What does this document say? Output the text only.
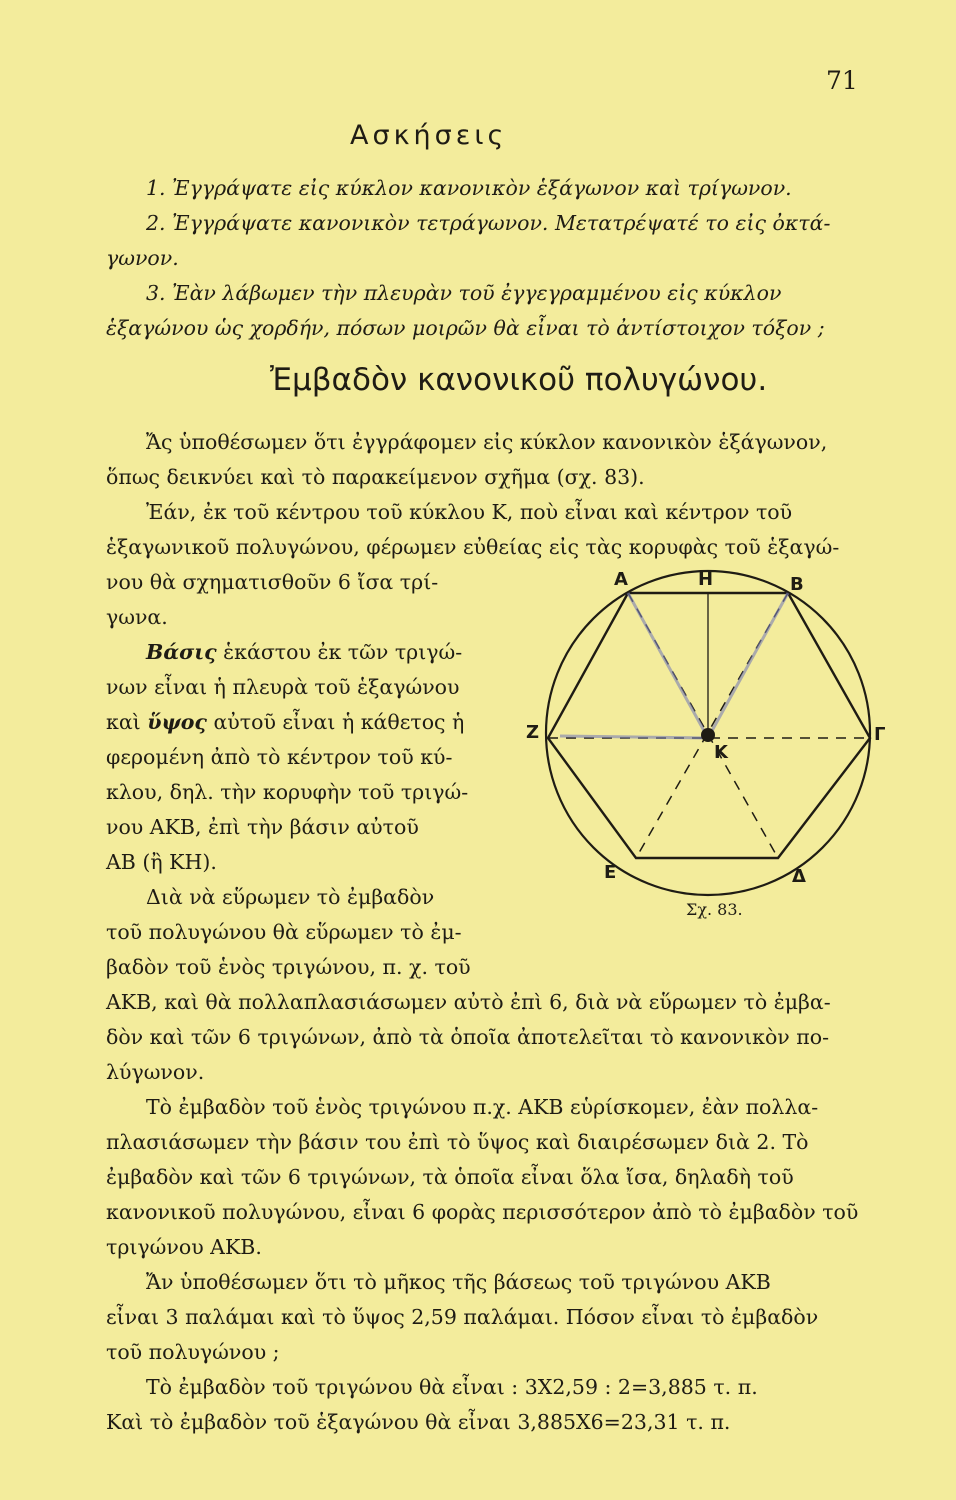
71
Ασκήσεις
1. Ἐγγράψατε εἰς κύκλον κανονικὸν ἑξάγωνον καὶ τρίγωνον.
2. Ἐγγράψατε κανονικὸν τετράγωνον. Μετατρέψατέ το εἰς ὀκτά-
γωνον.
3. Ἐὰν λάβωμεν τὴν πλευρὰν τοῦ ἐγγεγραμμένου εἰς κύκλον
ἑξαγώνου ὡς χορδήν, πόσων μοιρῶν θὰ εἶναι τὸ ἀντίστοιχον τόξον ;
Ἐμβαδὸν κανονικοῦ πολυγώνου.
Ἄς ὑποθέσωμεν ὅτι ἐγγράφομεν εἰς κύκλον κανονικὸν ἑξάγωνον,
ὅπως δεικνύει καὶ τὸ παρακείμενον σχῆμα (σχ. 83).
Ἐάν, ἐκ τοῦ κέντρου τοῦ κύκλου Κ, ποὺ εἶναι καὶ κέντρον τοῦ
ἑξαγωνικοῦ πολυγώνου, φέρωμεν εὐθείας εἰς τὰς κορυφὰς τοῦ ἑξαγώ-
νου θὰ σχηματισθοῦν 6 ἴσα τρί-
γωνα.
Βάσις ἑκάστου ἐκ τῶν τριγώ-
νων εἶναι ἡ πλευρὰ τοῦ ἑξαγώνου
καὶ ὕψος αὐτοῦ εἶναι ἡ κάθετος ἡ
φερομένη ἀπὸ τὸ κέντρον τοῦ κύ-
κλου, δηλ. τὴν κορυφὴν τοῦ τριγώ-
νου ΑΚΒ, ἐπὶ τὴν βάσιν αὐτοῦ
ΑΒ (ἢ ΚΗ).
Διὰ νὰ εὕρωμεν τὸ ἐμβαδὸν
τοῦ πολυγώνου θὰ εὕρωμεν τὸ ἐμ-
βαδὸν τοῦ ἑνὸς τριγώνου, π. χ. τοῦ
ΑΚΒ, καὶ θὰ πολλαπλασιάσωμεν αὐτὸ ἐπὶ 6, διὰ νὰ εὕρωμεν τὸ ἐμβα-
δὸν καὶ τῶν 6 τριγώνων, ἀπὸ τὰ ὁποῖα ἀποτελεῖται τὸ κανονικὸν πο-
λύγωνον.
Τὸ ἐμβαδὸν τοῦ ἑνὸς τριγώνου π.χ. ΑΚΒ εὑρίσκομεν, ἐὰν πολλα-
πλασιάσωμεν τὴν βάσιν του ἐπὶ τὸ ὕψος καὶ διαιρέσωμεν διὰ 2. Τὸ
ἐμβαδὸν καὶ τῶν 6 τριγώνων, τὰ ὁποῖα εἶναι ὅλα ἴσα, δηλαδὴ τοῦ
κανονικοῦ πολυγώνου, εἶναι 6 φορὰς περισσότερον ἀπὸ τὸ ἐμβαδὸν τοῦ
τριγώνου ΑΚΒ.
Ἄν ὑποθέσωμεν ὅτι τὸ μῆκος τῆς βάσεως τοῦ τριγώνου ΑΚΒ
εἶναι 3 παλάμαι καὶ τὸ ὕψος 2,59 παλάμαι. Πόσον εἶναι τὸ ἐμβαδὸν
τοῦ πολυγώνου ;
Τὸ ἐμβαδὸν τοῦ τριγώνου θὰ εἶναι : 3Χ2,59 : 2=3,885 τ. π.
Καὶ τὸ ἐμβαδὸν τοῦ ἑξαγώνου θὰ εἶναι 3,885Χ6=23,31 τ. π.
Α	Η	Β
Ζ	Γ
Κ
Ε	Δ
Σχ. 83.
